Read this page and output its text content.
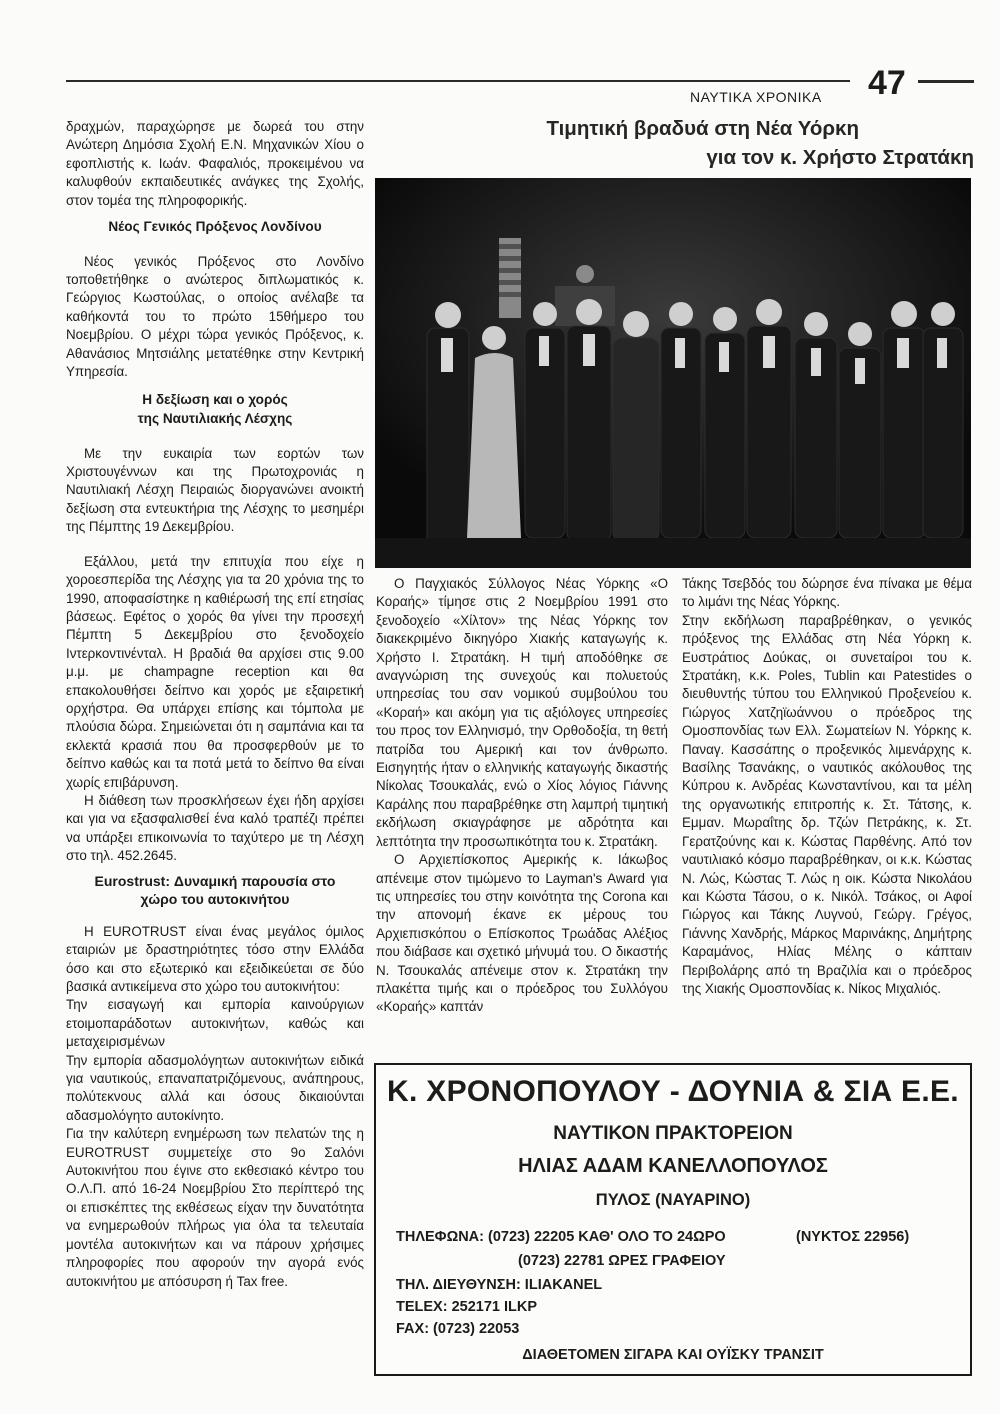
ΝΑΥΤΙΚΑ ΧΡΟΝΙΚΑ 47

δραχμών, παραχώρησε με δωρεά του στην Ανώτερη Δημόσια Σχολή Ε.Ν. Μηχανικών Χίου ο εφοπλιστής κ. Ιωάν. Φαφαλιός, προκειμένου να καλυφθούν εκπαιδευτικές ανάγκες της Σχολής, στον τομέα της πληροφορικής.

Νέος Γενικός Πρόξενος Λονδίνου

Νέος γενικός Πρόξενος στο Λονδίνο τοποθετήθηκε ο ανώτερος διπλωματικός κ. Γεώργιος Κωστούλας, ο οποίος ανέλαβε τα καθήκοντά του το πρώτο 15θήμερο του Νοεμβρίου. Ο μέχρι τώρα γενικός Πρόξενος, κ. Αθανάσιος Μητσιάλης μετατέθηκε στην Κεντρική Υπηρεσία.

Η δεξίωση και ο χορός

της Ναυτιλιακής Λέσχης

Με την ευκαιρία των εορτών των Χριστουγέννων και της Πρωτοχρονιάς η Ναυτιλιακή Λέσχη Πειραιώς διοργανώνει ανοικτή δεξίωση στα εντευκτήρια της Λέσχης το μεσημέρι της Πέμπτης 19 Δεκεμβρίου.

Εξάλλου, μετά την επιτυχία που είχε η χοροεσπερίδα της Λέσχης για τα 20 χρόνια της το 1990, αποφασίστηκε η καθιέρωσή της επί ετησίας βάσεως. Εφέτος ο χορός θα γίνει την προσεχή Πέμπτη 5 Δεκεμβρίου στο ξενοδοχείο Ιντερκοντινένταλ. Η βραδιά θα αρχίσει στις 9.00 μ.μ. με champagne reception και θα επακολουθήσει δείπνο και χορός με εξαιρετική ορχήστρα. Θα υπάρχει επίσης και τόμπολα με πλούσια δώρα. Σημειώνεται ότι η σαμπάνια και τα εκλεκτά κρασιά που θα προσφερθούν με το δείπνο καθώς και τα ποτά μετά το δείπνο θα είναι χωρίς επιβάρυνση.

Η διάθεση των προσκλήσεων έχει ήδη αρχίσει και για να εξασφαλισθεί ένα καλό τραπέζι πρέπει να υπάρξει επικοινωνία το ταχύτερο με τη Λέσχη στο τηλ. 452.2645.

Eurostrust: Δυναμική παρουσία στο

χώρο του αυτοκινήτου

Η EUROTRUST είναι ένας μεγάλος όμιλος εταιριών με δραστηριότητες τόσο στην Ελλάδα όσο και στο εξωτερικό και εξειδικεύεται σε δύο βασικά αντικείμενα στο χώρο του αυτοκινήτου:

Την εισαγωγή και εμπορία καινούργιων ετοιμοπαράδοτων αυτοκινήτων, καθώς και μεταχειρισμένων

Την εμπορία αδασμολόγητων αυτοκινήτων ειδικά για ναυτικούς, επαναπατριζόμενους, ανάπηρους, πολύτεκνους αλλά και όσους δικαιούνται αδασμολόγητο αυτοκίνητο.

Για την καλύτερη ενημέρωση των πελατών της η EUROTRUST συμμετείχε στο 9ο Σαλόνι Αυτοκινήτου που έγινε στο εκθεσιακό κέντρο του Ο.Λ.Π. από 16-24 Νοεμβρίου Στο περίπτερό της οι επισκέπτες της εκθέσεως είχαν την δυνατότητα να ενημερωθούν πλήρως για όλα τα τελευταία μοντέλα αυτοκινήτων και να πάρουν χρήσιμες πληροφορίες που αφορούν την αγορά ενός αυτοκινήτου με απόσυρση ή Tax free.

Τιμητική βραδυά στη Νέα Υόρκη
για τον κ. Χρήστο Στρατάκη

Ο Παγχιακός Σύλλογος Νέας Υόρκης «Ο Κοραής» τίμησε στις 2 Νοεμβρίου 1991 στο ξενοδοχείο «Χίλτον» της Νέας Υόρκης τον διακεκριμένο δικηγόρο Χιακής καταγωγής κ. Χρήστο Ι. Στρατάκη. Η τιμή αποδόθηκε σε αναγνώριση της συνεχούς και πολυετούς υπηρεσίας του σαν νομικού συμβούλου του «Κοραή» και ακόμη για τις αξιόλογες υπηρεσίες του προς τον Ελληνισμό, την Ορθοδοξία, τη θετή πατρίδα του Αμερική και τον άνθρωπο. Εισηγητής ήταν ο ελληνικής καταγωγής δικαστής Νίκολας Τσουκαλάς, ενώ ο Χίος λόγιος Γιάννης Καράλης που παραβρέθηκε στη λαμπρή τιμητική εκδήλωση σκιαγράφησε με αδρότητα και λεπτότητα την προσωπικότητα του κ. Στρατάκη.

Ο Αρχιεπίσκοπος Αμερικής κ. Ιάκωβος απένειμε στον τιμώμενο το Layman's Award για τις υπηρεσίες του στην κοινότητα της Corona και την απονομή έκανε εκ μέρους του Αρχιεπισκόπου ο Επίσκοπος Τρωάδας Αλέξιος που διάβασε και σχετικό μήνυμά του. Ο δικαστής Ν. Τσουκαλάς απένειμε στον κ. Στρατάκη την πλακέττα τιμής και ο πρόεδρος του Συλλόγου «Κοραής» καπτάν

Τάκης Τσεβδός του δώρησε ένα πίνακα με θέμα το λιμάνι της Νέας Υόρκης.

Στην εκδήλωση παραβρέθηκαν, ο γενικός πρόξενος της Ελλάδας στη Νέα Υόρκη κ. Ευστράτιος Δούκας, οι συνεταίροι του κ. Στρατάκη, κ.κ. Poles, Tublin και Patestides ο διευθυντής τύπου του Ελληνικού Προξενείου κ. Γιώργος Χατζηϊωάννου ο πρόεδρος της Ομοσπονδίας των Ελλ. Σωματείων Ν. Υόρκης κ. Παναγ. Κασσάπης ο προξενικός λιμενάρχης κ. Βασίλης Τσανάκης, ο ναυτικός ακόλουθος της Κύπρου κ. Ανδρέας Κωνσταντίνου, και τα μέλη της οργανωτικής επιτροπής κ. Στ. Τάτσης, κ. Εμμαν. Μωραΐτης δρ. Τζών Πετράκης, κ. Στ. Γερατζούνης και κ. Κώστας Παρθένης. Από τον ναυτιλιακό κόσμο παραβρέθηκαν, οι κ.κ. Κώστας Ν. Λώς, Κώστας Τ. Λώς η οικ. Κώστα Νικολάου και Κώστα Τάσου, ο κ. Νικόλ. Τσάκος, οι Αφοί Γιώργος και Τάκης Λυγνού, Γεώργ. Γρέγος, Γιάννης Χανδρής, Μάρκος Μαρινάκης, Δημήτρης Καραμάνος, Ηλίας Μέλης ο κάπταιν Περιβολάρης από τη Βραζιλία και ο πρόεδρος της Χιακής Ομοσπονδίας κ. Νίκος Μιχαλιός.

Κ. ΧΡΟΝΟΠΟΥΛΟΥ - ΔΟΥΝΙΑ & ΣΙΑ Ε.Ε.
ΝΑΥΤΙΚΟΝ ΠΡΑΚΤΟΡΕΙΟΝ
ΗΛΙΑΣ ΑΔΑΜ ΚΑΝΕΛΛΟΠΟΥΛΟΣ
ΠΥΛΟΣ (ΝΑΥΑΡΙΝΟ)
ΤΗΛΕΦΩΝΑ: (0723) 22205 ΚΑΘ' ΟΛΟ ΤΟ 24ΩΡΟ	(ΝΥΚΤΟΣ 22956)
(0723) 22781 ΩΡΕΣ ΓΡΑΦΕΙΟΥ
ΤΗΛ. ΔΙΕΥΘΥΝΣΗ: ILIAKANEL
TELEX: 252171 ILKP
FAX: (0723) 22053
ΔΙΑΘΕΤΟΜΕΝ ΣΙΓΑΡΑ ΚΑΙ ΟΥΪΣΚΥ ΤΡΑΝΣΙΤ
